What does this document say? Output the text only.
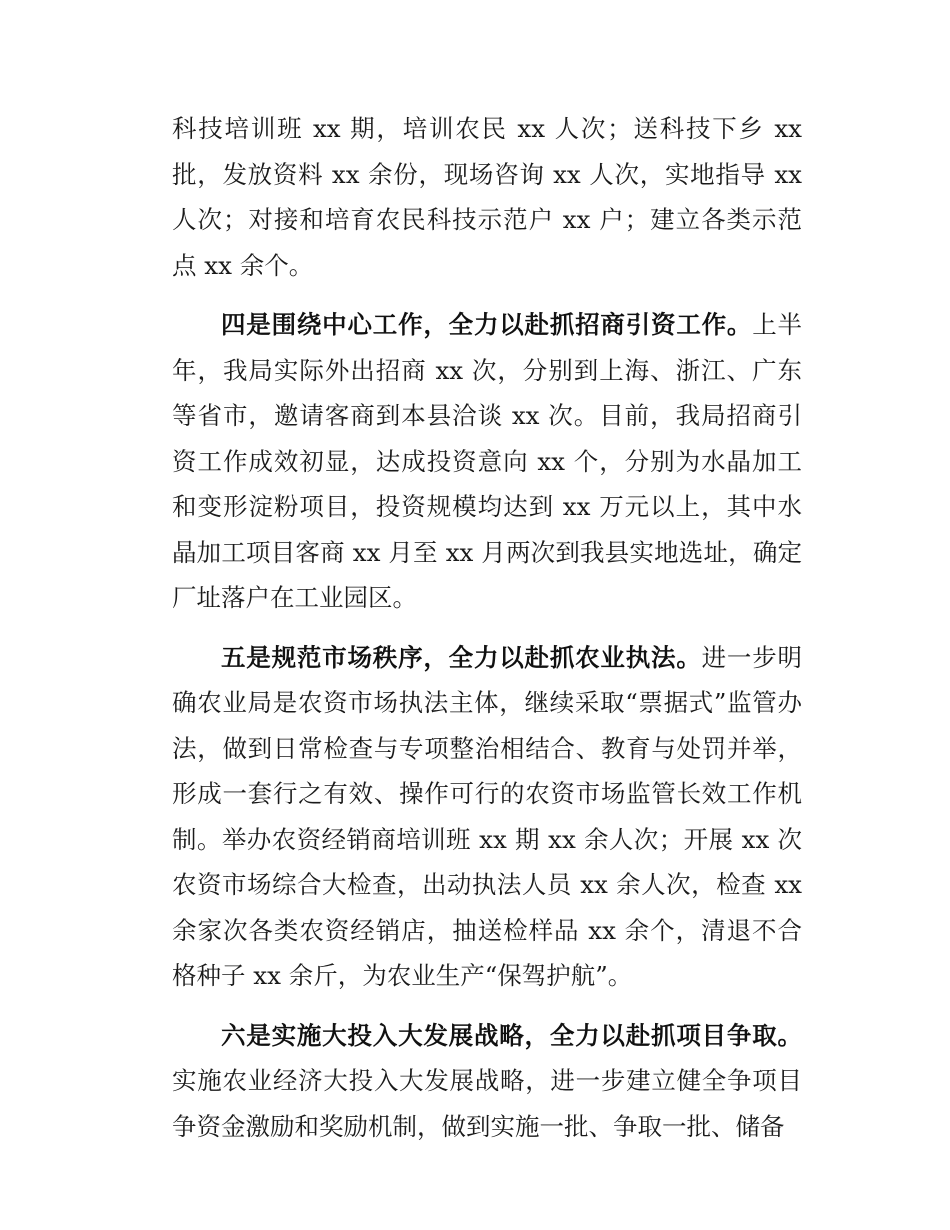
科技培训班 xx 期，培训农民 xx 人次；送科技下乡 xx 批，发放资料 xx 余份，现场咨询 xx 人次，实地指导 xx 人次；对接和培育农民科技示范户 xx 户；建立各类示范点 xx 余个。

四是围绕中心工作，全力以赴抓招商引资工作。上半年，我局实际外出招商 xx 次，分别到上海、浙江、广东等省市，邀请客商到本县洽谈 xx 次。目前，我局招商引资工作成效初显，达成投资意向 xx 个，分别为水晶加工和变形淀粉项目，投资规模均达到 xx 万元以上，其中水晶加工项目客商 xx 月至 xx 月两次到我县实地选址，确定厂址落户在工业园区。

五是规范市场秩序，全力以赴抓农业执法。进一步明确农业局是农资市场执法主体，继续采取“票据式”监管办法，做到日常检查与专项整治相结合、教育与处罚并举，形成一套行之有效、操作可行的农资市场监管长效工作机制。举办农资经销商培训班 xx 期 xx 余人次；开展 xx 次农资市场综合大检查，出动执法人员 xx 余人次，检查 xx 余家次各类农资经销店，抽送检样品 xx 余个，清退不合格种子 xx 余斤，为农业生产“保驾护航”。

六是实施大投入大发展战略，全力以赴抓项目争取。实施农业经济大投入大发展战略，进一步建立健全争项目争资金激励和奖励机制，做到实施一批、争取一批、储备
